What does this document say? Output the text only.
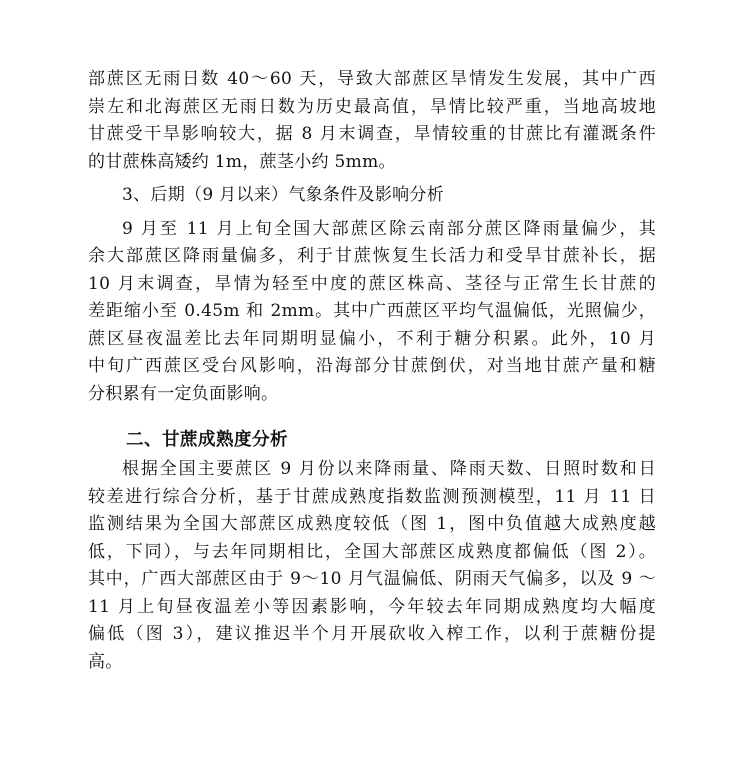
部蔗区无雨日数 40～60 天，导致大部蔗区旱情发生发展，其中广西
崇左和北海蔗区无雨日数为历史最高值，旱情比较严重，当地高坡地
甘蔗受干旱影响较大，据 8 月末调查，旱情较重的甘蔗比有灌溉条件
的甘蔗株高矮约 1m，蔗茎小约 5mm。
3、后期（9 月以来）气象条件及影响分析
9 月至 11 月上旬全国大部蔗区除云南部分蔗区降雨量偏少，其
余大部蔗区降雨量偏多，利于甘蔗恢复生长活力和受旱甘蔗补长，据
10 月末调查，旱情为轻至中度的蔗区株高、茎径与正常生长甘蔗的
差距缩小至 0.45m 和 2mm。其中广西蔗区平均气温偏低，光照偏少，
蔗区昼夜温差比去年同期明显偏小，不利于糖分积累。此外，10 月
中旬广西蔗区受台风影响，沿海部分甘蔗倒伏，对当地甘蔗产量和糖
分积累有一定负面影响。
二、甘蔗成熟度分析
根据全国主要蔗区 9 月份以来降雨量、降雨天数、日照时数和日
较差进行综合分析，基于甘蔗成熟度指数监测预测模型，11 月 11 日
监测结果为全国大部蔗区成熟度较低（图 1，图中负值越大成熟度越
低，下同），与去年同期相比，全国大部蔗区成熟度都偏低（图 2）。
其中，广西大部蔗区由于 9～10 月气温偏低、阴雨天气偏多，以及 9 ～
11 月上旬昼夜温差小等因素影响，今年较去年同期成熟度均大幅度
偏低（图 3），建议推迟半个月开展砍收入榨工作，以利于蔗糖份提
高。
